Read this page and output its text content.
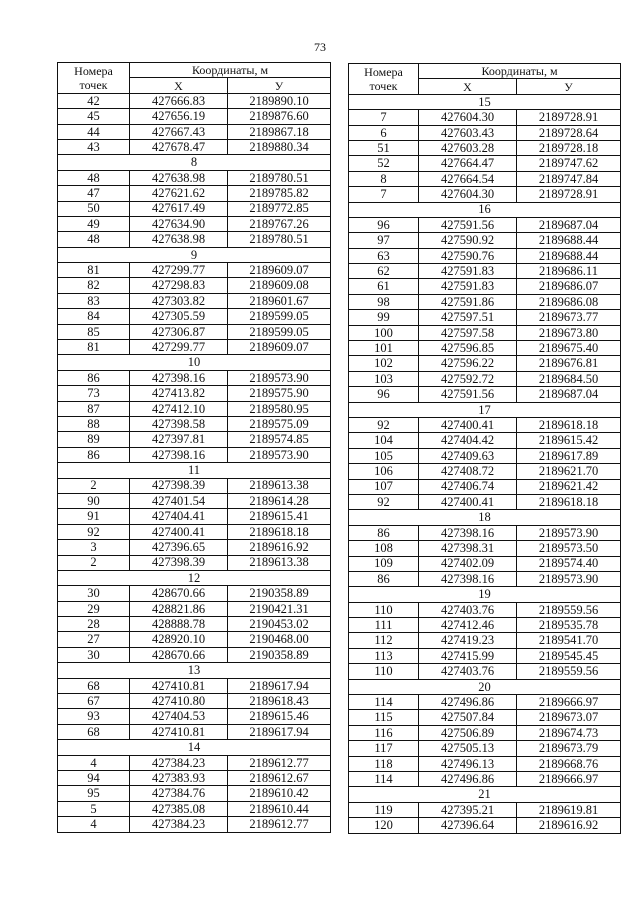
73
Номера точек	Координаты, м	
	X	У
42	427666.83	2189890.10
45	427656.19	2189876.60
44	427667.43	2189867.18
43	427678.47	2189880.34
8		
48	427638.98	2189780.51
47	427621.62	2189785.82
50	427617.49	2189772.85
49	427634.90	2189767.26
48	427638.98	2189780.51
9		
81	427299.77	2189609.07
82	427298.83	2189609.08
83	427303.82	2189601.67
84	427305.59	2189599.05
85	427306.87	2189599.05
81	427299.77	2189609.07
10		
86	427398.16	2189573.90
73	427413.82	2189575.90
87	427412.10	2189580.95
88	427398.58	2189575.09
89	427397.81	2189574.85
86	427398.16	2189573.90
11		
2	427398.39	2189613.38
90	427401.54	2189614.28
91	427404.41	2189615.41
92	427400.41	2189618.18
3	427396.65	2189616.92
2	427398.39	2189613.38
12		
30	428670.66	2190358.89
29	428821.86	2190421.31
28	428888.78	2190453.02
27	428920.10	2190468.00
30	428670.66	2190358.89
13		
68	427410.81	2189617.94
67	427410.80	2189618.43
93	427404.53	2189615.46
68	427410.81	2189617.94
14		
4	427384.23	2189612.77
94	427383.93	2189612.67
95	427384.76	2189610.42
5	427385.08	2189610.44
4	427384.23	2189612.77
Номера точек	Координаты, м	
	X	У
15		
7	427604.30	2189728.91
6	427603.43	2189728.64
51	427603.28	2189728.18
52	427664.47	2189747.62
8	427664.54	2189747.84
7	427604.30	2189728.91
16		
96	427591.56	2189687.04
97	427590.92	2189688.44
63	427590.76	2189688.44
62	427591.83	2189686.11
61	427591.83	2189686.07
98	427591.86	2189686.08
99	427597.51	2189673.77
100	427597.58	2189673.80
101	427596.85	2189675.40
102	427596.22	2189676.81
103	427592.72	2189684.50
96	427591.56	2189687.04
17		
92	427400.41	2189618.18
104	427404.42	2189615.42
105	427409.63	2189617.89
106	427408.72	2189621.70
107	427406.74	2189621.42
92	427400.41	2189618.18
18		
86	427398.16	2189573.90
108	427398.31	2189573.50
109	427402.09	2189574.40
86	427398.16	2189573.90
19		
110	427403.76	2189559.56
111	427412.46	2189535.78
112	427419.23	2189541.70
113	427415.99	2189545.45
110	427403.76	2189559.56
20		
114	427496.86	2189666.97
115	427507.84	2189673.07
116	427506.89	2189674.73
117	427505.13	2189673.79
118	427496.13	2189668.76
114	427496.86	2189666.97
21		
119	427395.21	2189619.81
120	427396.64	2189616.92
